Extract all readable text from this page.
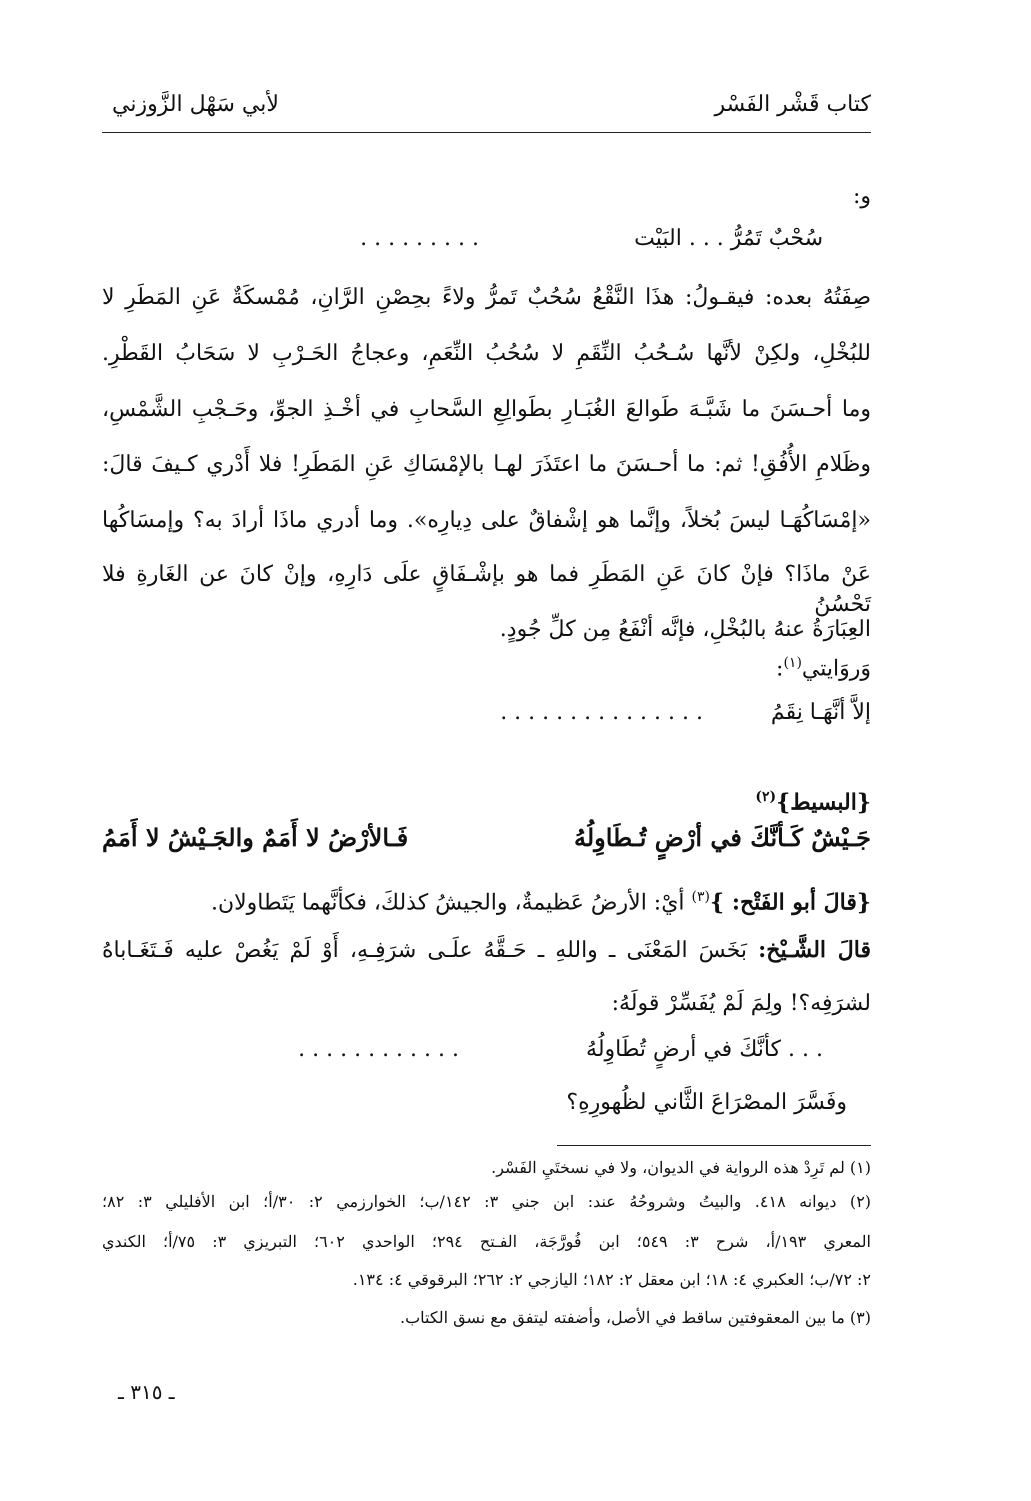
كتاب قَشْر الفَسْر
لأبي سَهْل الزَّوزني
و:
سُحْبٌ تَمُرُّ . . . البَيْت
. . . . . . . . .
صِفَتُهُ بعده: فيقـولُ: هذَا النَّقْعُ سُحُبٌ تَمرُّ ولاءً بحِصْنِ الرَّانِ، مُمْسكَةٌ عَنِ المَطَرِ لا
للبُخْلِ، ولكِنْ لأنَّها سُـحُبُ النِّقَمِ لا سُحُبُ النِّعَمِ، وعجاجُ الحَـرْبِ لا سَحَابُ القَطْرِ.
وما أحـسَنَ ما شَبَّـهَ طَوالعَ الغُبَـارِ بطَوالِعِ السَّحابِ في أخْـذِ الجوِّ، وحَـجْبِ الشَّمْسِ،
وظَلامِ الأُفُقِ! ثم: ما أحـسَنَ ما اعتَذَرَ لهـا بالإمْسَاكِ عَنِ المَطَرِ! فلا أَدْري كـيفَ قالَ:
«إمْسَاكُهَـا ليسَ بُخلاً، وإنَّما هو إشْفاقٌ على دِيارِه». وما أدري ماذَا أرادَ به؟ وإمسَاكُها
عَنْ ماذَا؟ فإنْ كانَ عَنِ المَطَرِ فما هو بإشْـفَاقٍ علَى دَارِهِ، وإنْ كانَ عن الغَارةِ فلا تَحْسُنُ
العِبَارَةُ عنهُ بالبُخْلِ، فإنَّه أنْفَعُ مِن كلِّ جُودٍ.
وَروَايتي$^{(١)}$:
إلاَّ أنَّهَـا نِقَمُ
. . . . . . . . . . . . . . .
{البسيط}$^{(٢)}$
جَـيْشٌ كَـأنَّكَ في أرْضٍ تُـطَاوِلُهُ
فَـالأرْضُ لا أَمَمٌ والجَـيْشُ لا أَمَمُ
{قالَ أبو الفَتْح: }$^{(٣)}$ أيْ: الأرضُ عَظيمةٌ، والجيشُ كذلكَ، فكأنَّهما يَتَطاولان.
قالَ الشَّـيْخ: بَخَسَ المَعْنَى ـ واللهِ ـ حَـقَّهُ علَـى شرَفِـهِ، أَوْ لَمْ يَغُصْ عليه فَـتَغَـاباهُ
لشرَفِه؟! ولِمَ لَمْ يُفَسِّرْ قولَهُ:
. . . كأنَّكَ في أرضٍ تُطَاوِلُهُ
. . . . . . . . . . . .
وفَسَّرَ المصْرَاعَ الثَّاني لظُهورِهِ؟
(١) لم تَرِدْ هذه الرواية في الديوان، ولا في نسختَيِ الفَسْر.
(٢) ديوانه ٤١٨. والبيتُ وشروحُهُ عند: ابن جني ٣: ١٤٢/ب؛ الخوارزمي ٢: ٣٠/أ؛ ابن الأفليلي ٣: ٨٢؛
المعري ١٩٣/أ، شرح ٣: ٥٤٩؛ ابن فُورَّجَة، الفـتح ٢٩٤؛ الواحدي ٦٠٢؛ التبريزي ٣: ٧٥/أ؛ الكندي
٢: ٧٢/ب؛ العكبري ٤: ١٨؛ ابن معقل ٢: ١٨٢؛ اليازجي ٢: ٢٦٢؛ البرقوقي ٤: ١٣٤.
(٣) ما بين المعقوفتين ساقط في الأصل، وأضفته ليتفق مع نسق الكتاب.
ـ ٣١٥ ـ
